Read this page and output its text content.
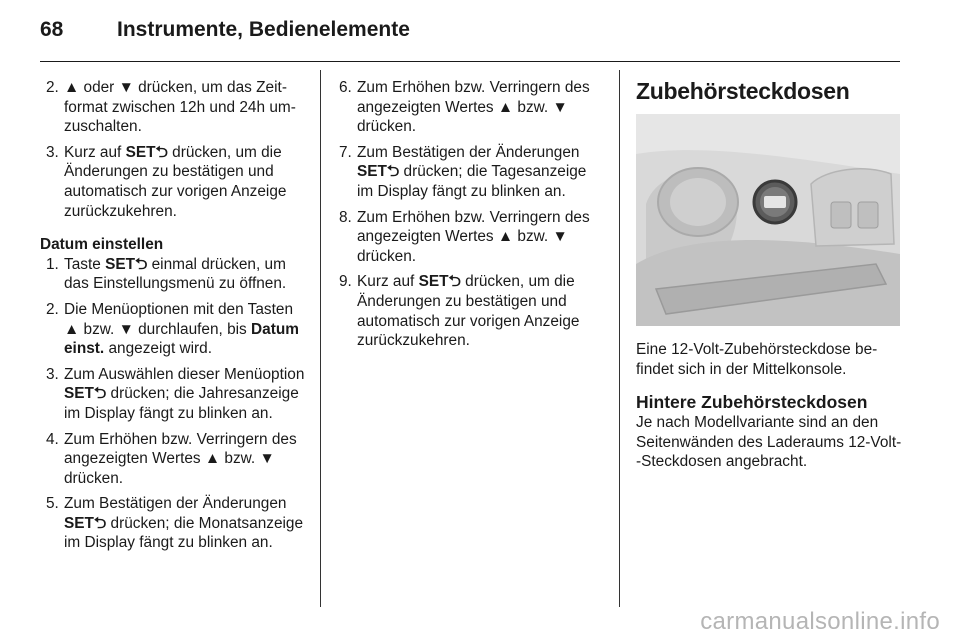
68	Instrumente, Bedienelemente
2. ▲ oder ▼ drücken, um das Zeitformat zwischen 12h und 24h umzuschalten.
3. Kurz auf SET⮌ drücken, um die Änderungen zu bestätigen und automatisch zur vorigen Anzeige zurückzukehren.
Datum einstellen
1. Taste SET⮌ einmal drücken, um das Einstellungsmenü zu öffnen.
2. Die Menüoptionen mit den Tasten ▲ bzw. ▼ durchlaufen, bis Datum einst. angezeigt wird.
3. Zum Auswählen dieser Menüoption SET⮌ drücken; die Jahresanzeige im Display fängt zu blinken an.
4. Zum Erhöhen bzw. Verringern des angezeigten Wertes ▲ bzw. ▼ drücken.
5. Zum Bestätigen der Änderungen SET⮌ drücken; die Monatsanzeige im Display fängt zu blinken an.
6. Zum Erhöhen bzw. Verringern des angezeigten Wertes ▲ bzw. ▼ drücken.
7. Zum Bestätigen der Änderungen SET⮌ drücken; die Tagesanzeige im Display fängt zu blinken an.
8. Zum Erhöhen bzw. Verringern des angezeigten Wertes ▲ bzw. ▼ drücken.
9. Kurz auf SET⮌ drücken, um die Änderungen zu bestätigen und automatisch zur vorigen Anzeige zurückzukehren.
Zubehörsteckdosen

Eine 12-Volt-Zubehörsteckdose befindet sich in der Mittelkonsole.

Hintere Zubehörsteckdosen

Je nach Modellvariante sind an den Seitenwänden des Laderaums 12-Volt--Steckdosen angebracht.

carmanualsonline.info
